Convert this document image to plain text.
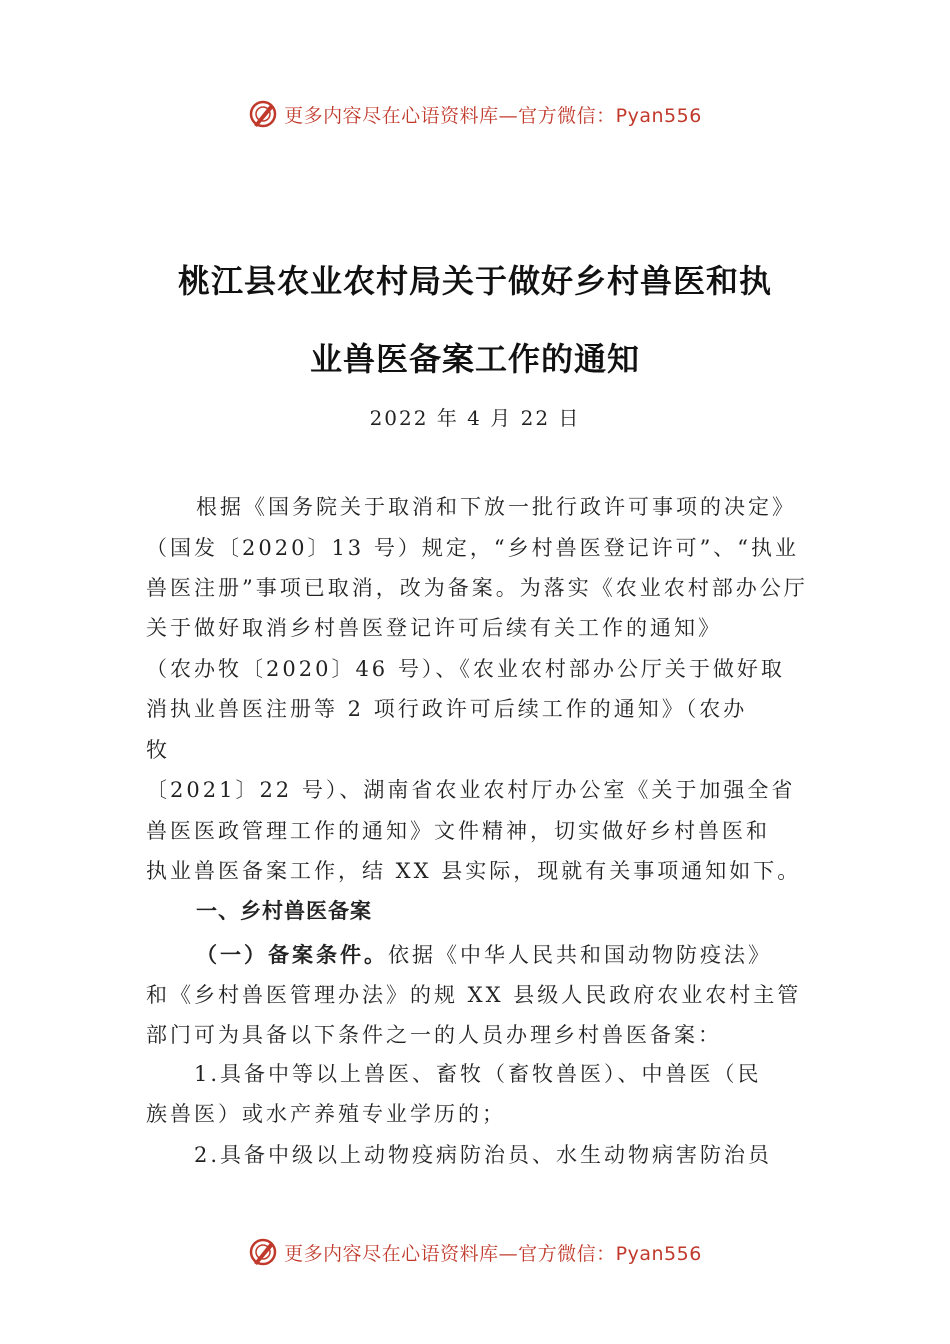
更多内容尽在心语资料库—官方微信：Pyan556
桃江县农业农村局关于做好乡村兽医和执
业兽医备案工作的通知
2022 年 4 月 22 日
根据《国务院关于取消和下放一批行政许可事项的决定》
（国发〔2020〕13 号）规定，“乡村兽医登记许可”、“执业
兽医注册”事项已取消，改为备案。为落实《农业农村部办公厅
关于做好取消乡村兽医登记许可后续有关工作的通知》
（农办牧〔2020〕46 号）、《农业农村部办公厅关于做好取
消执业兽医注册等 2 项行政许可后续工作的通知》（农办
牧
〔2021〕22 号）、湖南省农业农村厅办公室《关于加强全省
兽医医政管理工作的通知》文件精神，切实做好乡村兽医和
执业兽医备案工作，结 XX 县实际，现就有关事项通知如下。
一、乡村兽医备案
（一）备案条件。依据《中华人民共和国动物防疫法》
和《乡村兽医管理办法》的规 XX 县级人民政府农业农村主管
部门可为具备以下条件之一的人员办理乡村兽医备案：
1.具备中等以上兽医、畜牧（畜牧兽医）、中兽医（民
族兽医）或水产养殖专业学历的；
2.具备中级以上动物疫病防治员、水生动物病害防治员
更多内容尽在心语资料库—官方微信：Pyan556
